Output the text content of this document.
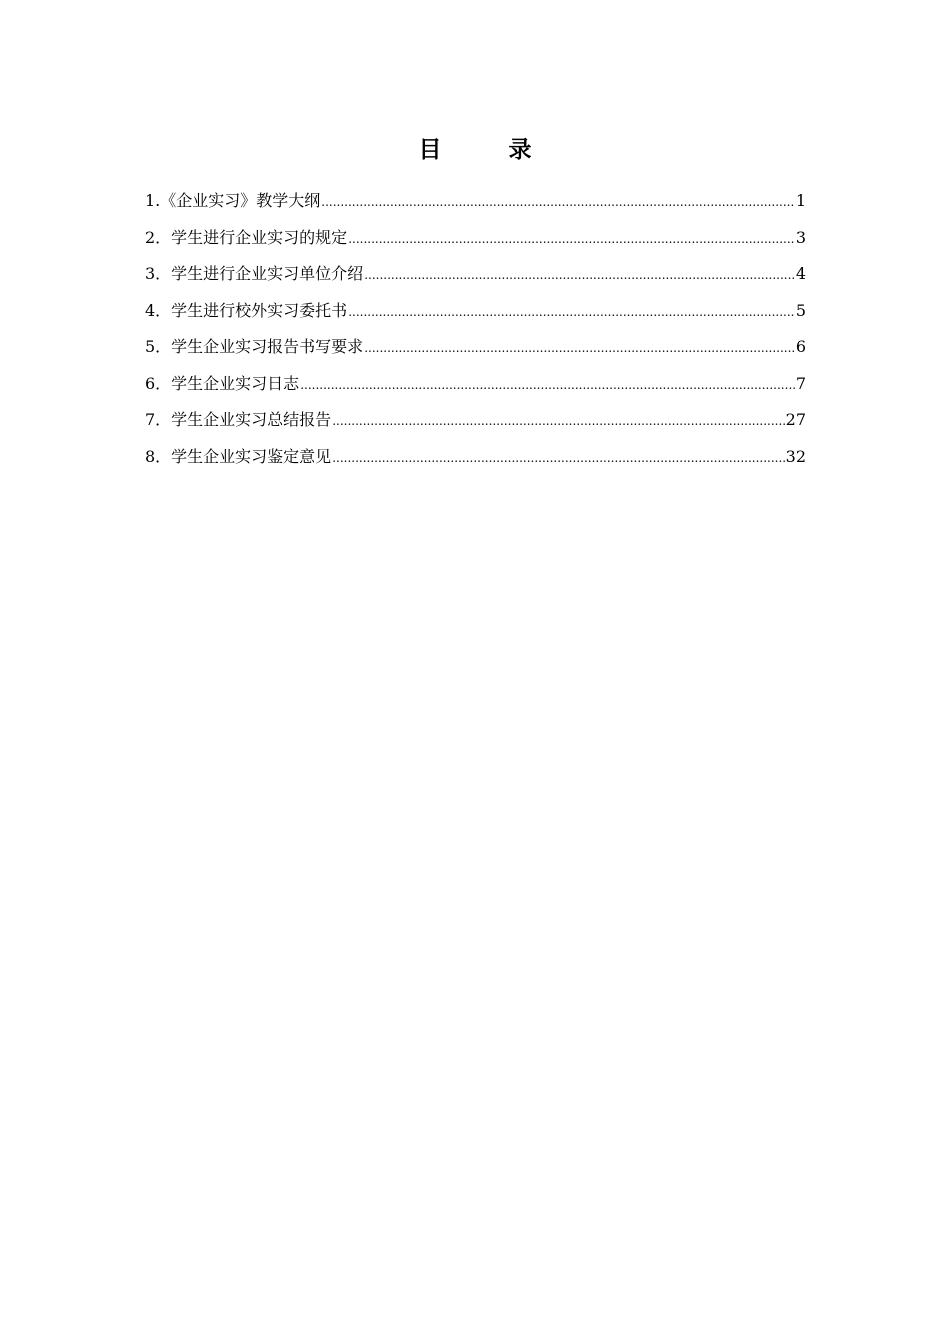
目　录
1.《企业实习》教学大纲 .....	1
2．学生进行企业实习的规定 .....	3
3．学生进行企业实习单位介绍 .....	4
4．学生进行校外实习委托书 .....	5
5．学生企业实习报告书写要求 .....	6
6．学生企业实习日志 .....	7
7．学生企业实习总结报告 .....	27
8．学生企业实习鉴定意见 .....	32
